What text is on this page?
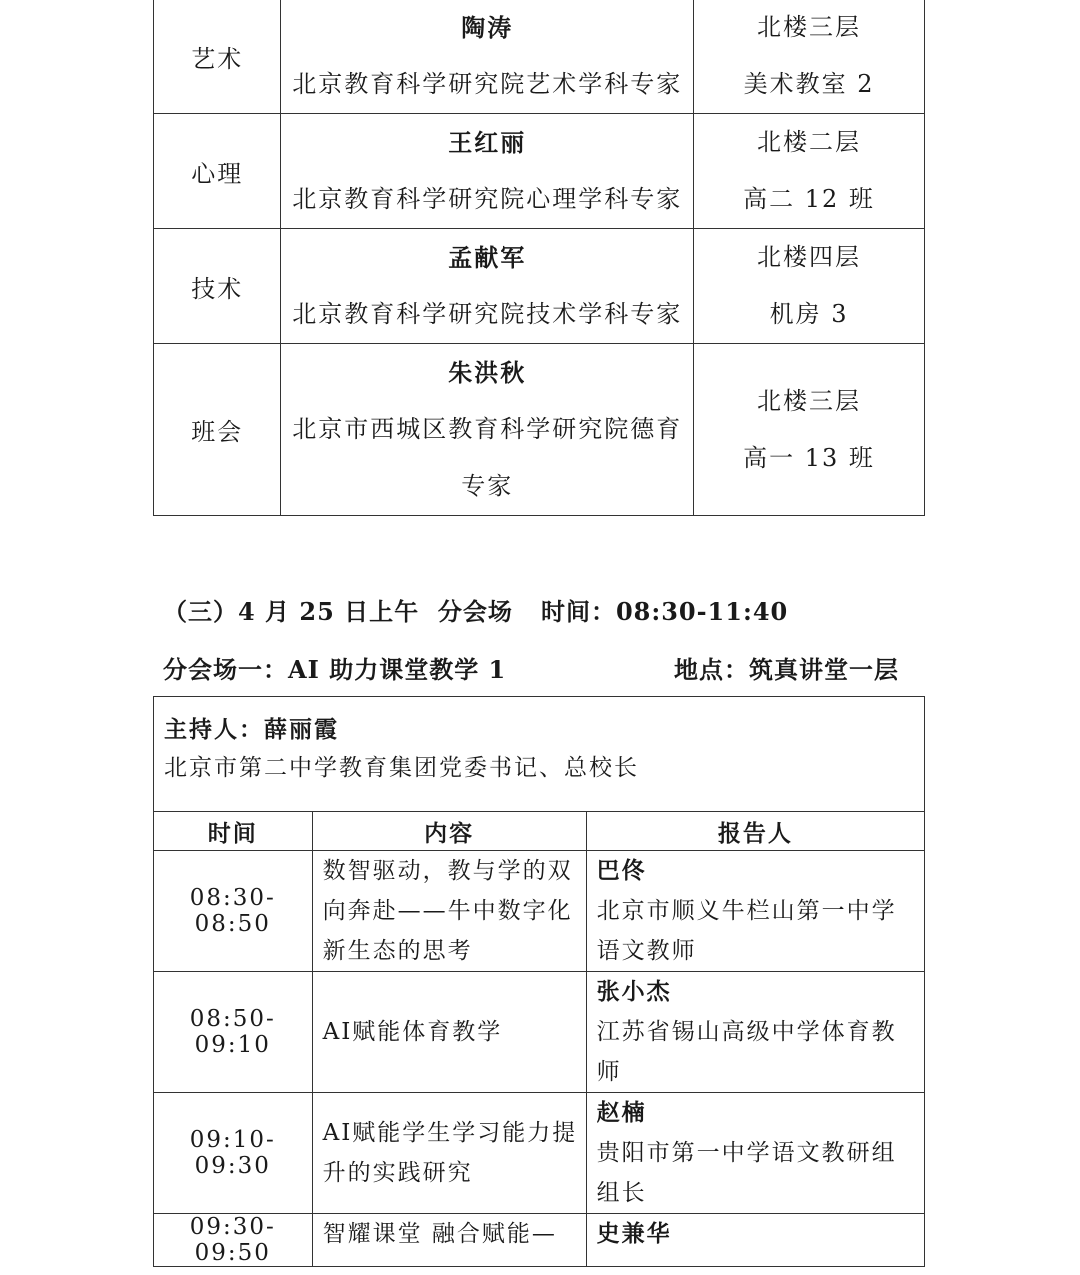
艺术	陶涛
北京教育科学研究院艺术学科专家	北楼三层
美术教室 2

心理	王红丽
北京教育科学研究院心理学科专家	北楼二层
高二 12 班

技术	孟献军
北京教育科学研究院技术学科专家	北楼四层
机房 3

班会	朱洪秋
北京市西城区教育科学研究院德育
专家	北楼三层
高一 13 班
（三）4 月 25 日上午  分会场   时间：08:30-11:40
分会场一：AI 助力课堂教学 1	地点：筑真讲堂一层
主持人：薛丽霞
北京市第二中学教育集团党委书记、总校长		

时间	内容	报告人
08:30-08:50	数智驱动，教与学的双
向奔赴——牛中数字化
新生态的思考	巴佟
北京市顺义牛栏山第一中学
语文教师

08:50-09:10	AI赋能体育教学	张小杰
江苏省锡山高级中学体育教
师

09:10-09:30	AI赋能学生学习能力提
升的实践研究	赵楠
贵阳市第一中学语文教研组
组长

09:30-09:50	智耀课堂 融合赋能—	史兼华
